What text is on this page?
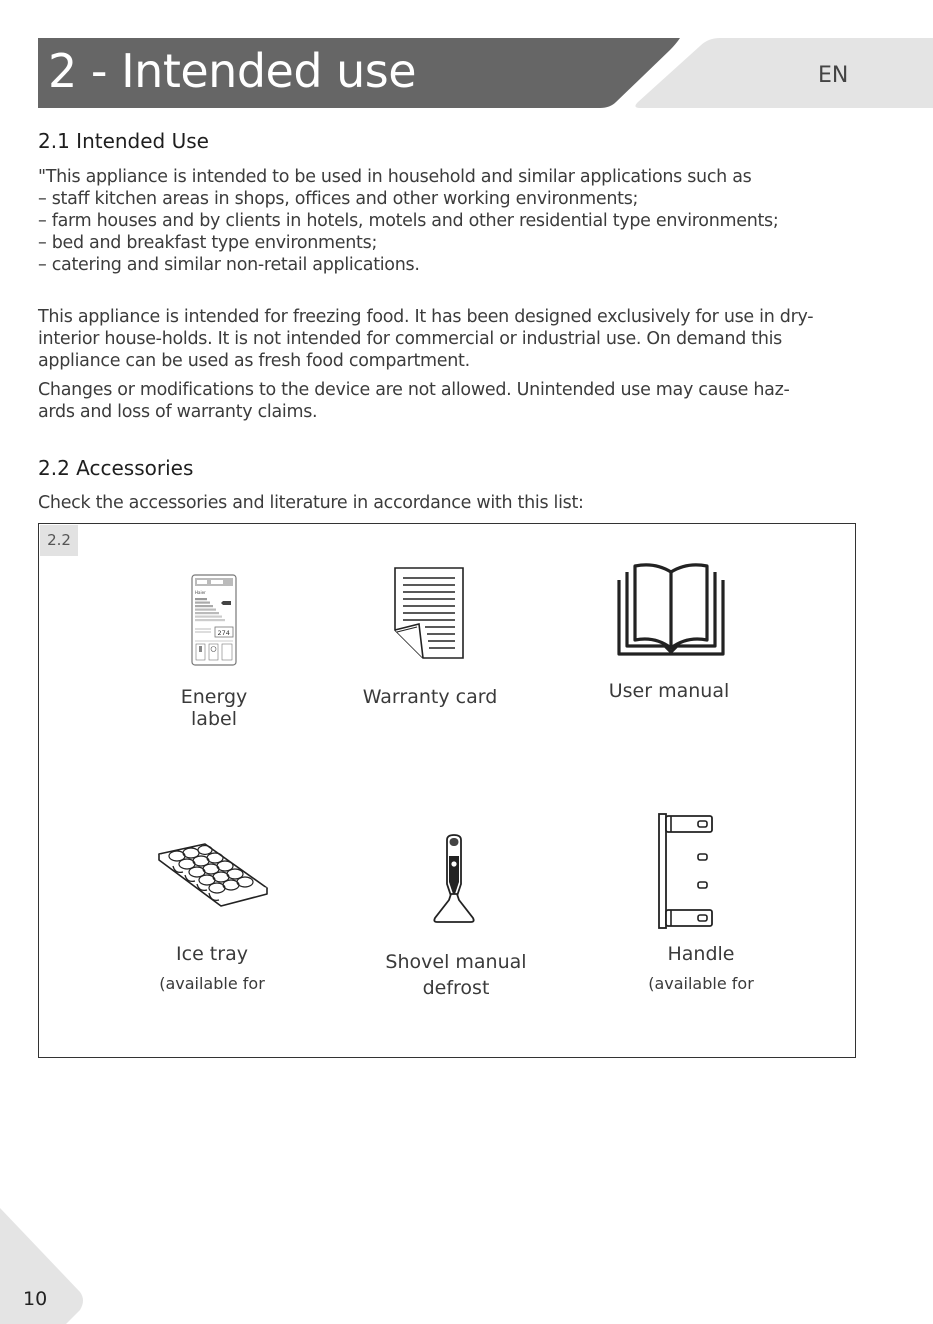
2 - Intended use	EN
2.1 Intended Use
"This appliance is intended to be used in household and similar applications such as
– staff kitchen areas in shops, offices and other working environments;
– farm houses and by clients in hotels, motels and other residential type environments;
– bed and breakfast type environments;
– catering and similar non-retail applications.
This appliance is intended for freezing food. It has been designed exclusively for use in dry-
interior house-holds. It is not intended for commercial or industrial use. On demand this
appliance can be used as fresh food compartment.
Changes or modifications to the device are not allowed. Unintended use may cause haz-
ards and loss of warranty claims.
2.2 Accessories

Check the accessories and literature in accordance with this list:

2.2
Haier
274
Energy
label
Warranty card	User manual
Ice tray
(available for
Shovel manual
defrost
Handle
(available for
10
